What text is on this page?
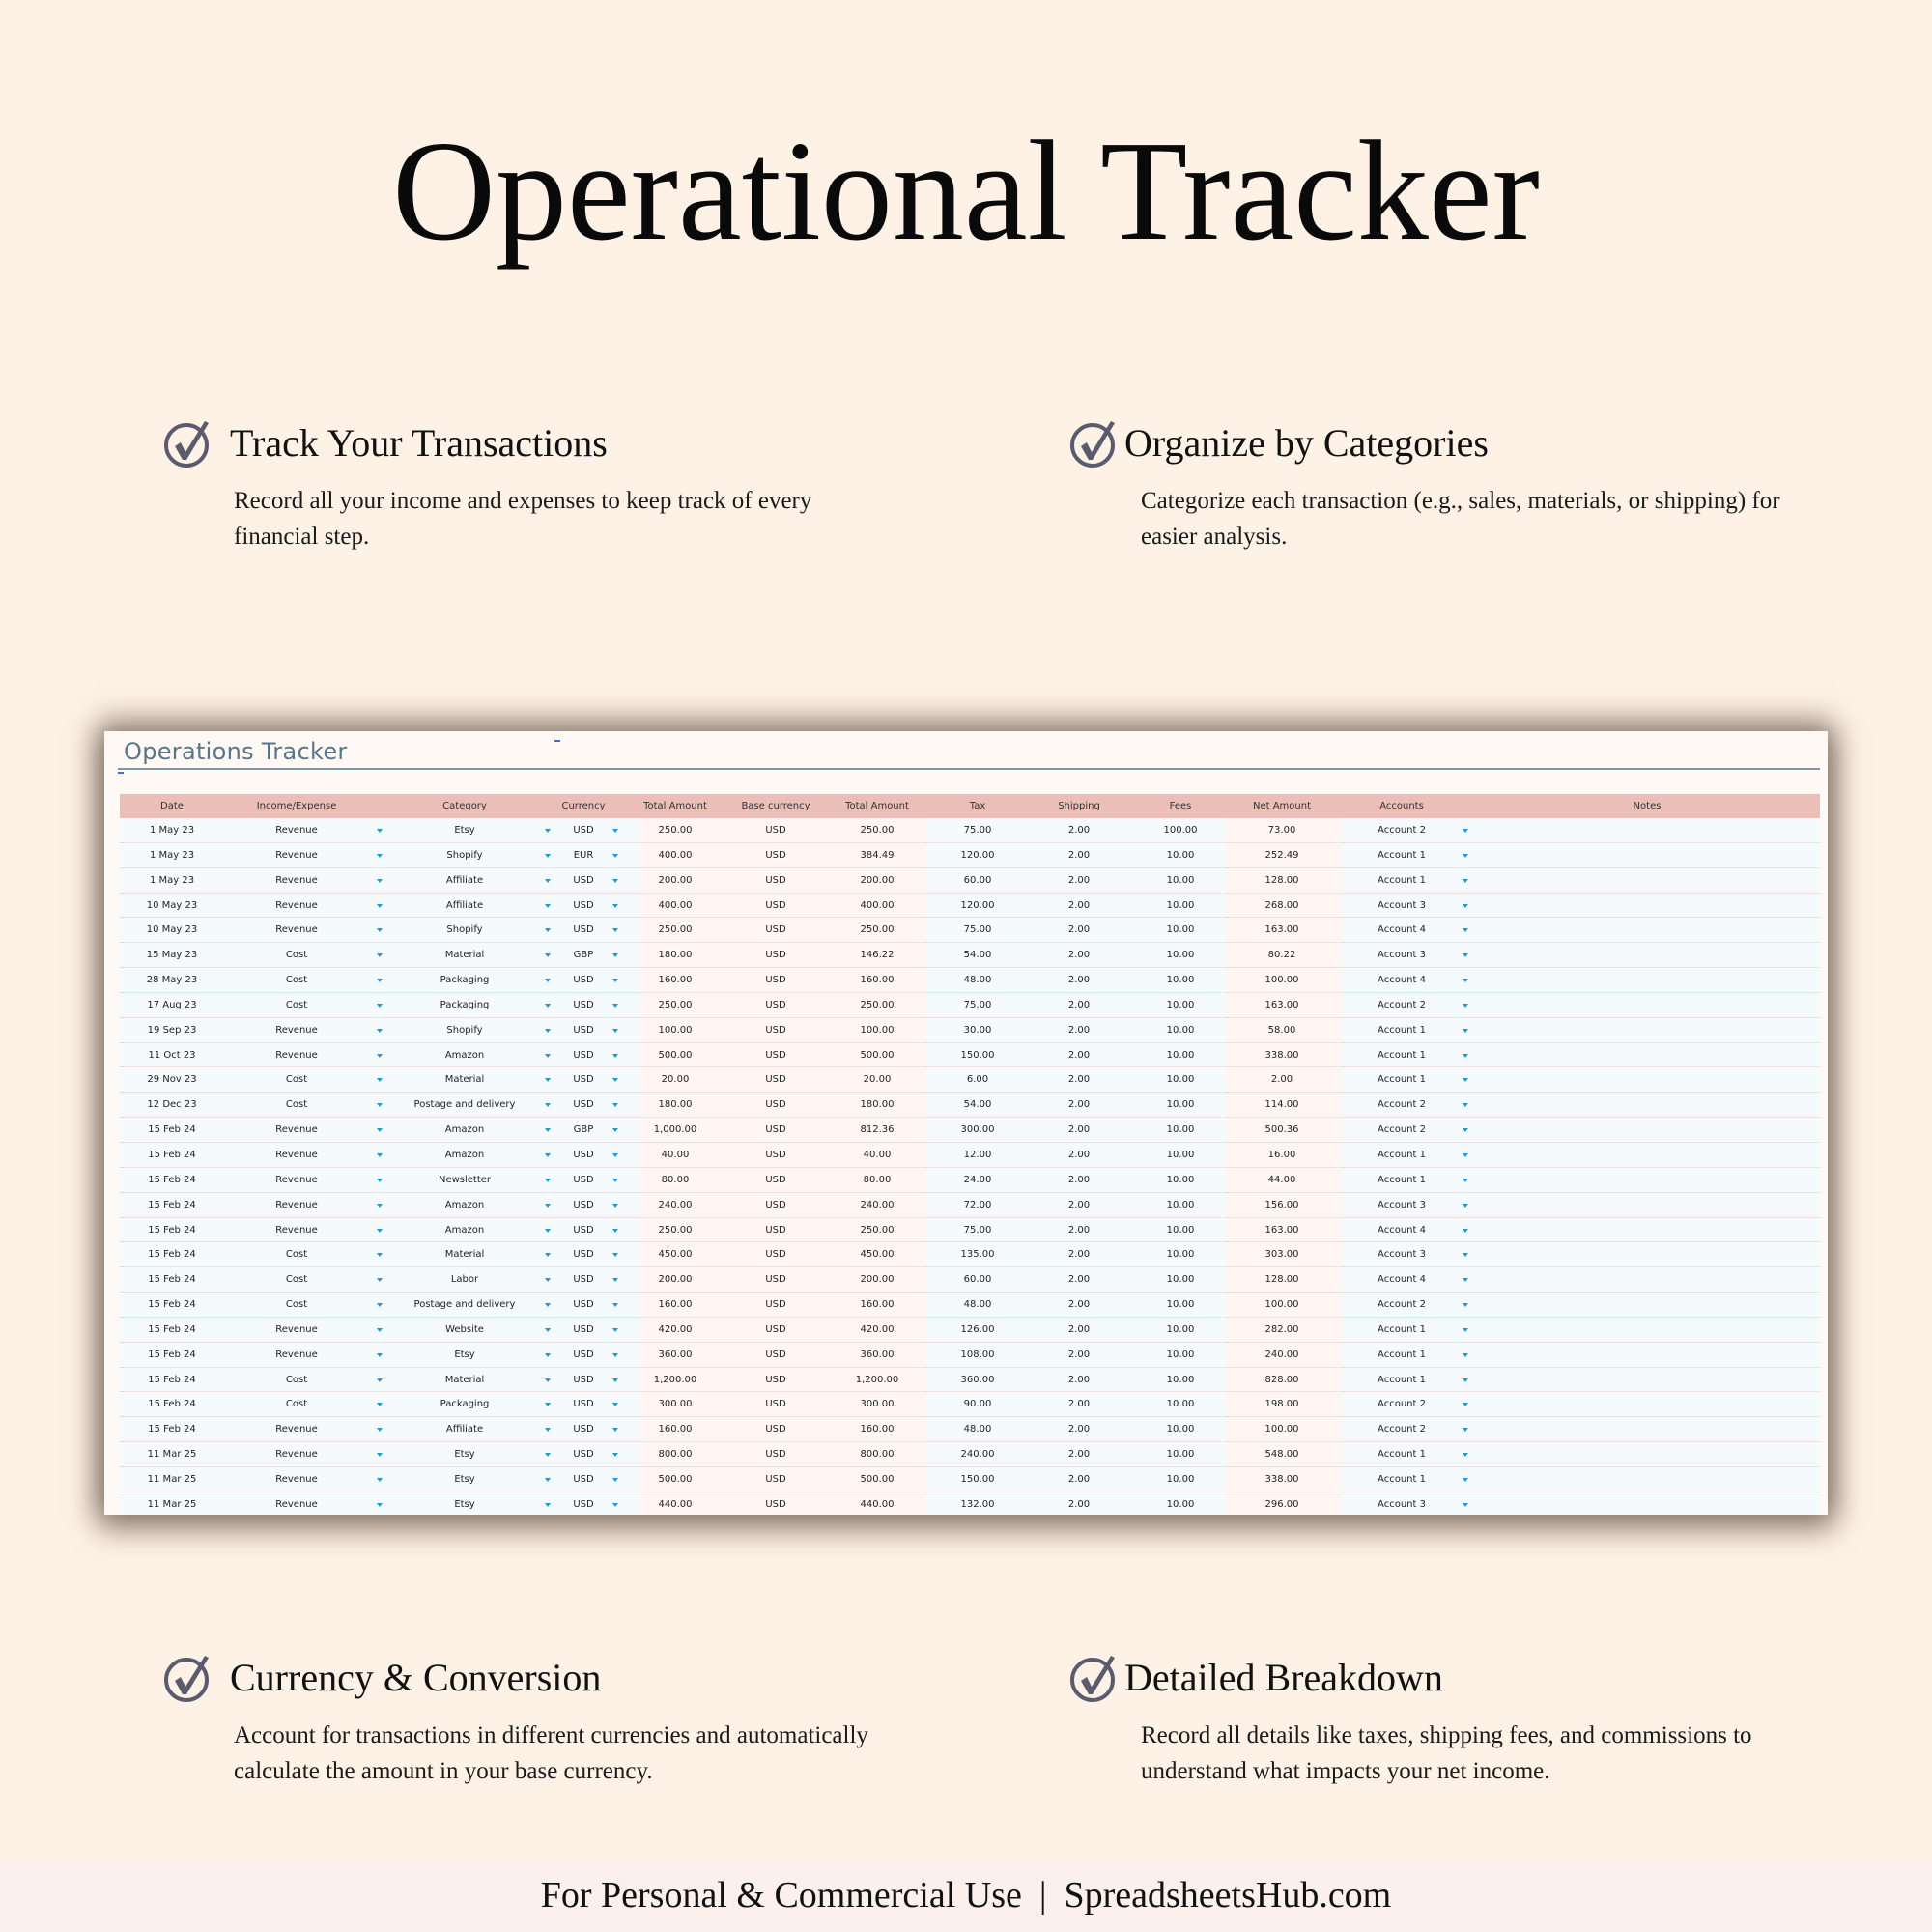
Operational Tracker
Track Your Transactions

Record all your income and expenses to keep track of every financial step.

Organize by Categories

Categorize each transaction (e.g., sales, materials, or shipping) for easier analysis.

Operations Tracker
Date	Income/Expense	Category	Currency	Total Amount	Base currency	Total Amount	Tax	Shipping	Fees	Net Amount	Accounts	Notes
1 May 23	Revenue	Etsy	USD	250.00	USD	250.00	75.00	2.00	100.00	73.00	Account 2
1 May 23	Revenue	Shopify	EUR	400.00	USD	384.49	120.00	2.00	10.00	252.49	Account 1
1 May 23	Revenue	Affiliate	USD	200.00	USD	200.00	60.00	2.00	10.00	128.00	Account 1
10 May 23	Revenue	Affiliate	USD	400.00	USD	400.00	120.00	2.00	10.00	268.00	Account 3
10 May 23	Revenue	Shopify	USD	250.00	USD	250.00	75.00	2.00	10.00	163.00	Account 4
15 May 23	Cost	Material	GBP	180.00	USD	146.22	54.00	2.00	10.00	80.22	Account 3
28 May 23	Cost	Packaging	USD	160.00	USD	160.00	48.00	2.00	10.00	100.00	Account 4
17 Aug 23	Cost	Packaging	USD	250.00	USD	250.00	75.00	2.00	10.00	163.00	Account 2
19 Sep 23	Revenue	Shopify	USD	100.00	USD	100.00	30.00	2.00	10.00	58.00	Account 1
11 Oct 23	Revenue	Amazon	USD	500.00	USD	500.00	150.00	2.00	10.00	338.00	Account 1
29 Nov 23	Cost	Material	USD	20.00	USD	20.00	6.00	2.00	10.00	2.00	Account 1
12 Dec 23	Cost	Postage and delivery	USD	180.00	USD	180.00	54.00	2.00	10.00	114.00	Account 2
15 Feb 24	Revenue	Amazon	GBP	1,000.00	USD	812.36	300.00	2.00	10.00	500.36	Account 2
15 Feb 24	Revenue	Amazon	USD	40.00	USD	40.00	12.00	2.00	10.00	16.00	Account 1
15 Feb 24	Revenue	Newsletter	USD	80.00	USD	80.00	24.00	2.00	10.00	44.00	Account 1
15 Feb 24	Revenue	Amazon	USD	240.00	USD	240.00	72.00	2.00	10.00	156.00	Account 3
15 Feb 24	Revenue	Amazon	USD	250.00	USD	250.00	75.00	2.00	10.00	163.00	Account 4
15 Feb 24	Cost	Material	USD	450.00	USD	450.00	135.00	2.00	10.00	303.00	Account 3
15 Feb 24	Cost	Labor	USD	200.00	USD	200.00	60.00	2.00	10.00	128.00	Account 4
15 Feb 24	Cost	Postage and delivery	USD	160.00	USD	160.00	48.00	2.00	10.00	100.00	Account 2
15 Feb 24	Revenue	Website	USD	420.00	USD	420.00	126.00	2.00	10.00	282.00	Account 1
15 Feb 24	Revenue	Etsy	USD	360.00	USD	360.00	108.00	2.00	10.00	240.00	Account 1
15 Feb 24	Cost	Material	USD	1,200.00	USD	1,200.00	360.00	2.00	10.00	828.00	Account 1
15 Feb 24	Cost	Packaging	USD	300.00	USD	300.00	90.00	2.00	10.00	198.00	Account 2
15 Feb 24	Revenue	Affiliate	USD	160.00	USD	160.00	48.00	2.00	10.00	100.00	Account 2
11 Mar 25	Revenue	Etsy	USD	800.00	USD	800.00	240.00	2.00	10.00	548.00	Account 1
11 Mar 25	Revenue	Etsy	USD	500.00	USD	500.00	150.00	2.00	10.00	338.00	Account 1
11 Mar 25	Revenue	Etsy	USD	440.00	USD	440.00	132.00	2.00	10.00	296.00	Account 3
Currency & Conversion

Account for transactions in different currencies and automatically calculate the amount in your base currency.

Detailed Breakdown

Record all details like taxes, shipping fees, and commissions to understand what impacts your net income.

For Personal & Commercial Use | SpreadsheetsHub.com
